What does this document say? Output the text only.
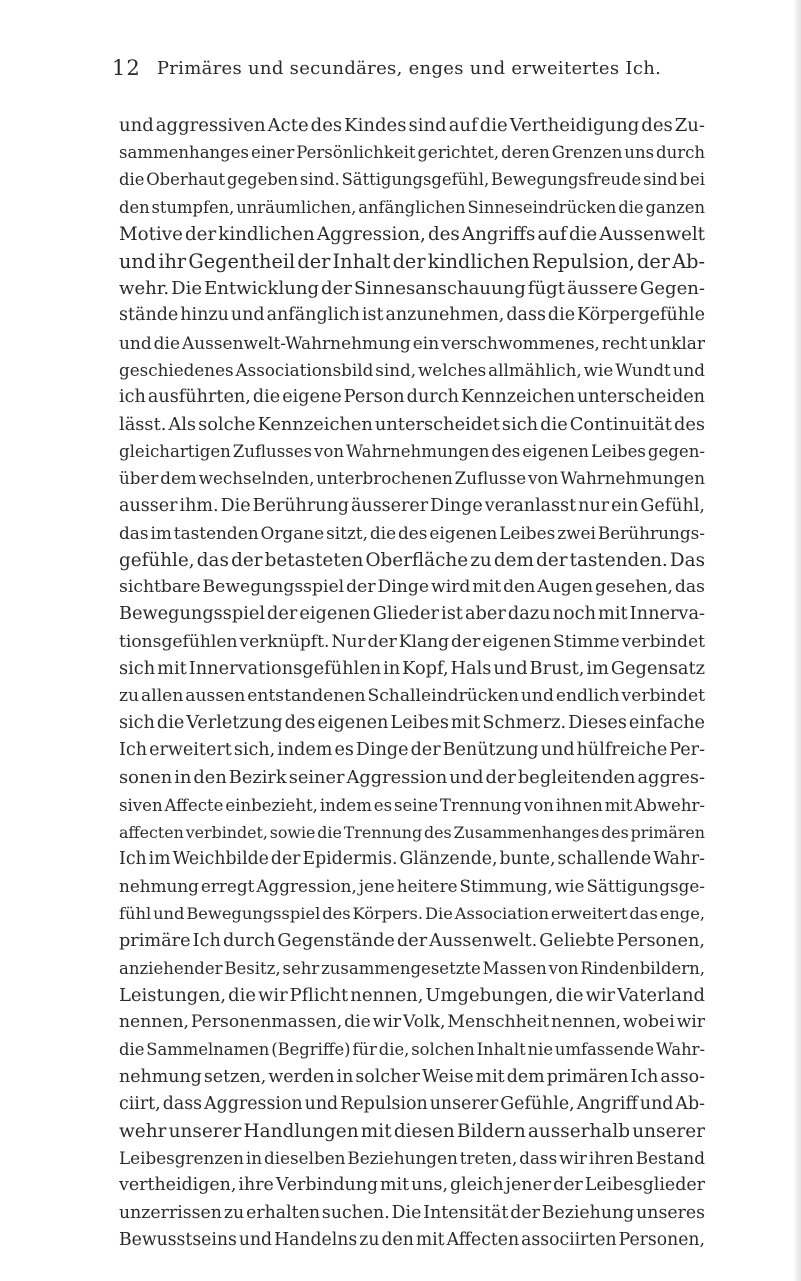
12 Primäres und secundäres, enges und erweitertes Ich.
und aggressiven Acte des Kindes sind auf die Vertheidigung des Zu-
sammenhanges einer Persönlichkeit gerichtet, deren Grenzen uns durch
die Oberhaut gegeben sind. Sättigungsgefühl, Bewegungsfreude sind bei
den stumpfen, unräumlichen, anfänglichen Sinneseindrücken die ganzen
Motive der kindlichen Aggression, des Angriffs auf die Aussenwelt
und ihr Gegentheil der Inhalt der kindlichen Repulsion, der Ab-
wehr. Die Entwicklung der Sinnesanschauung fügt äussere Gegen-
stände hinzu und anfänglich ist anzunehmen, dass die Körpergefühle
und die Aussenwelt-Wahrnehmung ein verschwommenes, recht unklar
geschiedenes Associationsbild sind, welches allmählich, wie Wundt und
ich ausführten, die eigene Person durch Kennzeichen unterscheiden
lässt. Als solche Kennzeichen unterscheidet sich die Continuität des
gleichartigen Zuflusses von Wahrnehmungen des eigenen Leibes gegen-
über dem wechselnden, unterbrochenen Zuflusse von Wahrnehmungen
ausser ihm. Die Berührung äusserer Dinge veranlasst nur ein Gefühl,
das im tastenden Organe sitzt, die des eigenen Leibes zwei Berührungs-
gefühle, das der betasteten Oberfläche zu dem der tastenden. Das
sichtbare Bewegungsspiel der Dinge wird mit den Augen gesehen, das
Bewegungsspiel der eigenen Glieder ist aber dazu noch mit Innerva-
tionsgefühlen verknüpft. Nur der Klang der eigenen Stimme verbindet
sich mit Innervationsgefühlen in Kopf, Hals und Brust, im Gegensatz
zu allen aussen entstandenen Schalleindrücken und endlich verbindet
sich die Verletzung des eigenen Leibes mit Schmerz. Dieses einfache
Ich erweitert sich, indem es Dinge der Benützung und hülfreiche Per-
sonen in den Bezirk seiner Aggression und der begleitenden aggres-
siven Affecte einbezieht, indem es seine Trennung von ihnen mit Abwehr-
affecten verbindet, sowie die Trennung des Zusammenhanges des primären
Ich im Weichbilde der Epidermis. Glänzende, bunte, schallende Wahr-
nehmung erregt Aggression, jene heitere Stimmung, wie Sättigungsge-
fühl und Bewegungsspiel des Körpers. Die Association erweitert das enge,
primäre Ich durch Gegenstände der Aussenwelt. Geliebte Personen,
anziehender Besitz, sehr zusammengesetzte Massen von Rindenbildern,
Leistungen, die wir Pflicht nennen, Umgebungen, die wir Vaterland
nennen, Personenmassen, die wir Volk, Menschheit nennen, wobei wir
die Sammelnamen (Begriffe) für die, solchen Inhalt nie umfassende Wahr-
nehmung setzen, werden in solcher Weise mit dem primären Ich asso-
ciirt, dass Aggression und Repulsion unserer Gefühle, Angriff und Ab-
wehr unserer Handlungen mit diesen Bildern ausserhalb unserer
Leibesgrenzen in dieselben Beziehungen treten, dass wir ihren Bestand
vertheidigen, ihre Verbindung mit uns, gleich jener der Leibesglieder
unzerrissen zu erhalten suchen. Die Intensität der Beziehung unseres
Bewusstseins und Handelns zu den mit Affecten associirten Personen,
